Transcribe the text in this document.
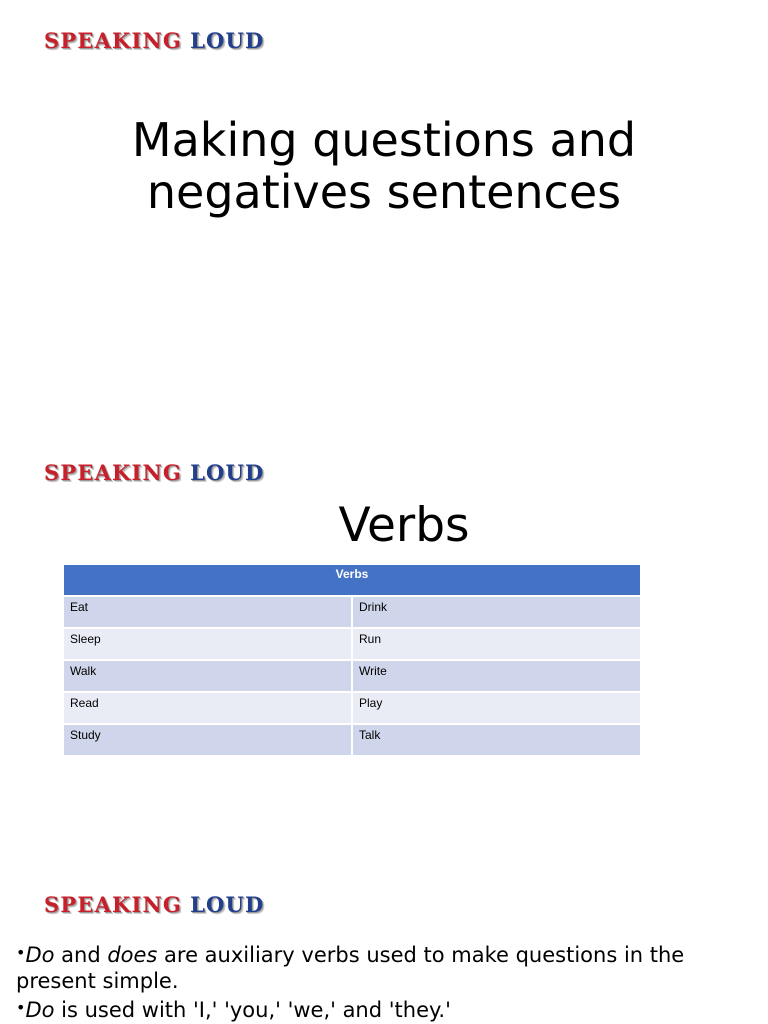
SPEAKING LOUD
Making questions and
negatives sentences
SPEAKING LOUD
Verbs
Verbs	
Eat	Drink
Sleep	Run
Walk	Write
Read	Play
Study	Talk
SPEAKING LOUD
•Do and does are auxiliary verbs used to make questions in the present simple.
•Do is used with 'I,' 'you,' 'we,' and 'they.'
